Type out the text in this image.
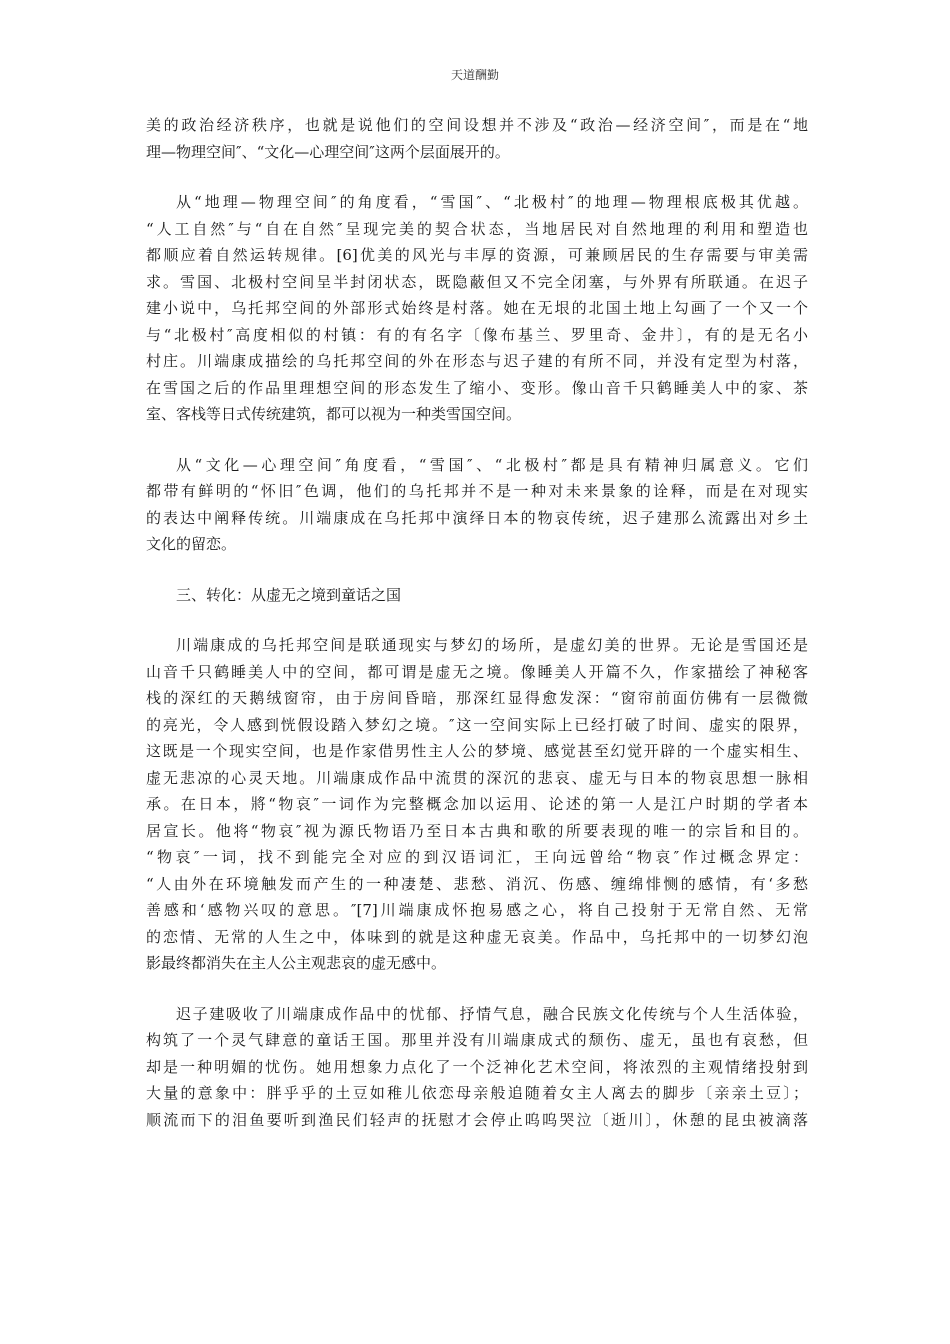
天道酬勤
美的政治经济秩序，也就是说他们的空间设想并不涉及“政治—经济空间″，而是在“地
理—物理空间″、“文化—心理空间″这两个层面展开的。
从“地理—物理空间″的角度看，“雪国″、“北极村″的地理—物理根底极其优越。
“人工自然″与“自在自然″呈现完美的契合状态，当地居民对自然地理的利用和塑造也
都顺应着自然运转规律。[6]优美的风光与丰厚的资源，可兼顾居民的生存需要与审美需
求。雪国、北极村空间呈半封闭状态，既隐蔽但又不完全闭塞，与外界有所联通。在迟子
建小说中，乌托邦空间的外部形式始终是村落。她在无垠的北国土地上勾画了一个又一个
与“北极村″高度相似的村镇：有的有名字〔像布基兰、罗里奇、金井〕，有的是无名小
村庄。川端康成描绘的乌托邦空间的外在形态与迟子建的有所不同，并没有定型为村落，
在雪国之后的作品里理想空间的形态发生了缩小、变形。像山音千只鹤睡美人中的家、茶
室、客栈等日式传统建筑，都可以视为一种类雪国空间。
从“文化—心理空间″角度看，“雪国″、“北极村″都是具有精神归属意义。它们
都带有鲜明的“怀旧″色调，他们的乌托邦并不是一种对未来景象的诠释，而是在对现实
的表达中阐释传统。川端康成在乌托邦中演绎日本的物哀传统，迟子建那么流露出对乡土
文化的留恋。
三、转化：从虚无之境到童话之国
川端康成的乌托邦空间是联通现实与梦幻的场所，是虚幻美的世界。无论是雪国还是
山音千只鹤睡美人中的空间，都可谓是虚无之境。像睡美人开篇不久，作家描绘了神秘客
栈的深红的天鹅绒窗帘，由于房间昏暗，那深红显得愈发深：“窗帘前面仿佛有一层微微
的亮光，令人感到恍假设踏入梦幻之境。″这一空间实际上已经打破了时间、虚实的限界，
这既是一个现实空间，也是作家借男性主人公的梦境、感觉甚至幻觉开辟的一个虚实相生、
虚无悲凉的心灵天地。川端康成作品中流贯的深沉的悲哀、虚无与日本的物哀思想一脉相
承。在日本，將“物哀″一词作为完整概念加以运用、论述的第一人是江户时期的学者本
居宣长。他将“物哀″视为源氏物语乃至日本古典和歌的所要表现的唯一的宗旨和目的。
“物哀″一词，找不到能完全对应的到汉语词汇，王向远曾给“物哀″作过概念界定：
“人由外在环境触发而产生的一种凄楚、悲愁、消沉、伤感、缠绵悱恻的感情，有‘多愁
善感和‘感物兴叹的意思。″[7]川端康成怀抱易感之心，将自己投射于无常自然、无常
的恋情、无常的人生之中，体味到的就是这种虚无哀美。作品中，乌托邦中的一切梦幻泡
影最终都消失在主人公主观悲哀的虚无感中。
迟子建吸收了川端康成作品中的忧郁、抒情气息，融合民族文化传统与个人生活体验，
构筑了一个灵气肆意的童话王国。那里并没有川端康成式的颓伤、虚无，虽也有哀愁，但
却是一种明媚的忧伤。她用想象力点化了一个泛神化艺术空间，将浓烈的主观情绪投射到
大量的意象中：胖乎乎的土豆如稚儿依恋母亲般追随着女主人离去的脚步〔亲亲土豆〕；
顺流而下的泪鱼要听到渔民们轻声的抚慰才会停止呜呜哭泣〔逝川〕，休憩的昆虫被滴落
